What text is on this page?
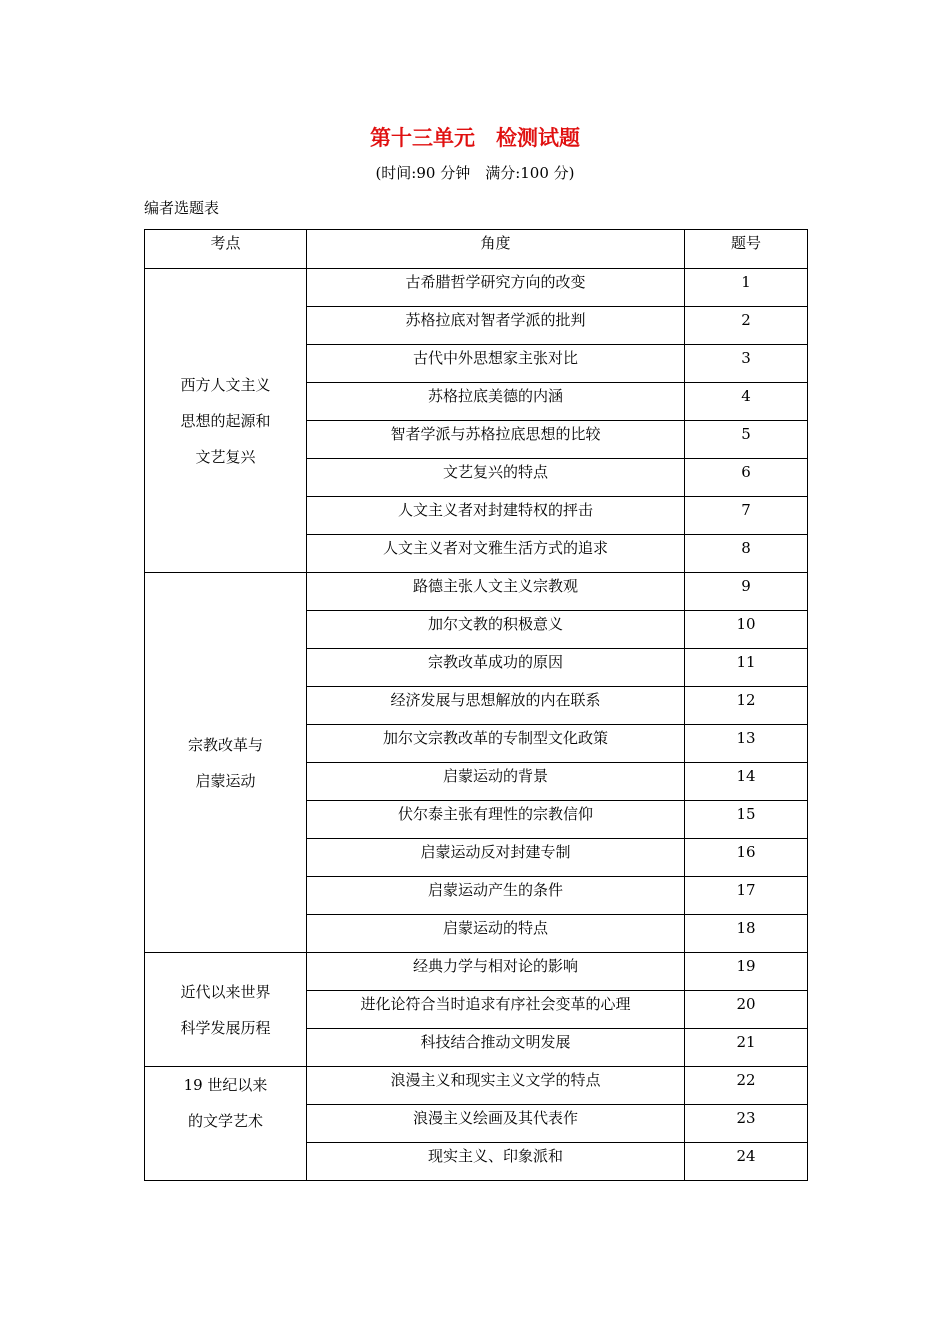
第十三单元　检测试题
(时间:90 分钟　满分:100 分)
编者选题表
考点	角度	题号

西方人文主义
思想的起源和
文艺复兴	古希腊哲学研究方向的改变	1
	苏格拉底对智者学派的批判	2
	古代中外思想家主张对比	3
	苏格拉底美德的内涵	4
	智者学派与苏格拉底思想的比较	5
	文艺复兴的特点	6
	人文主义者对封建特权的抨击	7
	人文主义者对文雅生活方式的追求	8

宗教改革与
启蒙运动	路德主张人文主义宗教观	9
	加尔文教的积极意义	10
	宗教改革成功的原因	11
	经济发展与思想解放的内在联系	12
	加尔文宗教改革的专制型文化政策	13
	启蒙运动的背景	14
	伏尔泰主张有理性的宗教信仰	15
	启蒙运动反对封建专制	16
	启蒙运动产生的条件	17
	启蒙运动的特点	18

近代以来世界
科学发展历程	经典力学与相对论的影响	19
	进化论符合当时追求有序社会变革的心理	20
	科技结合推动文明发展	21

19 世纪以来
的文学艺术	浪漫主义和现实主义文学的特点	22
	浪漫主义绘画及其代表作	23
	现实主义、印象派和	24
